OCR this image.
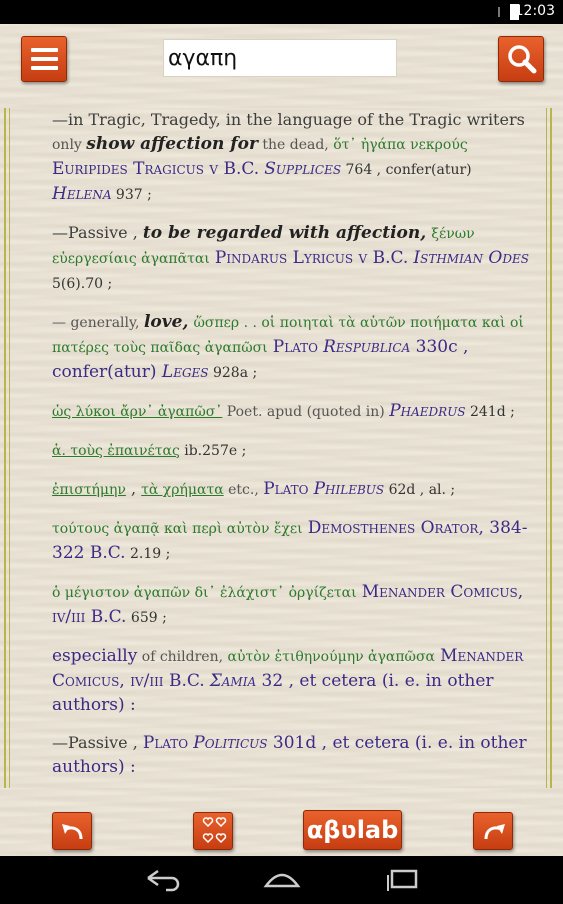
12:03
αγαπη

—in Tragic, Tragedy, in the language of the Tragic writers only show affection for the dead, ὅτ᾽ ἠγάπα νεκρούς
Euripides Tragicus v B.C. Supplices 764 , confer(atur) Helena 937 ;

—Passive , to be regarded with affection, ξένων εὐεργεσίαις ἀγαπᾶται Pindarus Lyricus v B.C. Isthmian Odes 5(6).70 ;

— generally, love, ὥσπερ . . οἱ ποιηταὶ τὰ αὑτῶν ποιήματα καὶ οἱ πατέρες τοὺς παῖδας ἀγαπῶσι Plato Respublica 330c , confer(atur) Leges 928a ;

ὡς λύκοι ἄρν᾽ ἀγαπῶσ᾽ Poet. apud (quoted in) Phaedrus 241d ;

ἁ. τοὺς ἐπαινέτας ib.257e ;

ἐπιστήμην , τὰ χρήματα etc., Plato Philebus 62d , al. ;

τούτους ἀγαπᾷ καὶ περὶ αὑτὸν ἔχει Demosthenes Orator, 384-322 B.C. 2.19 ;

ὁ μέγιστον ἀγαπῶν δι᾽ ἐλάχιστ᾽ ὀργίζεται Menander Comicus, iv/iii B.C. 659 ;

especially of children, αὐτὸν ἐτιθηνούμην ἀγαπῶσα Menander Comicus, iv/iii B.C. Σαμια 32 , et cetera (i. e. in other authors) :

—Passive , Plato Politicus 301d , et cetera (i. e. in other authors) :

αβטlab
